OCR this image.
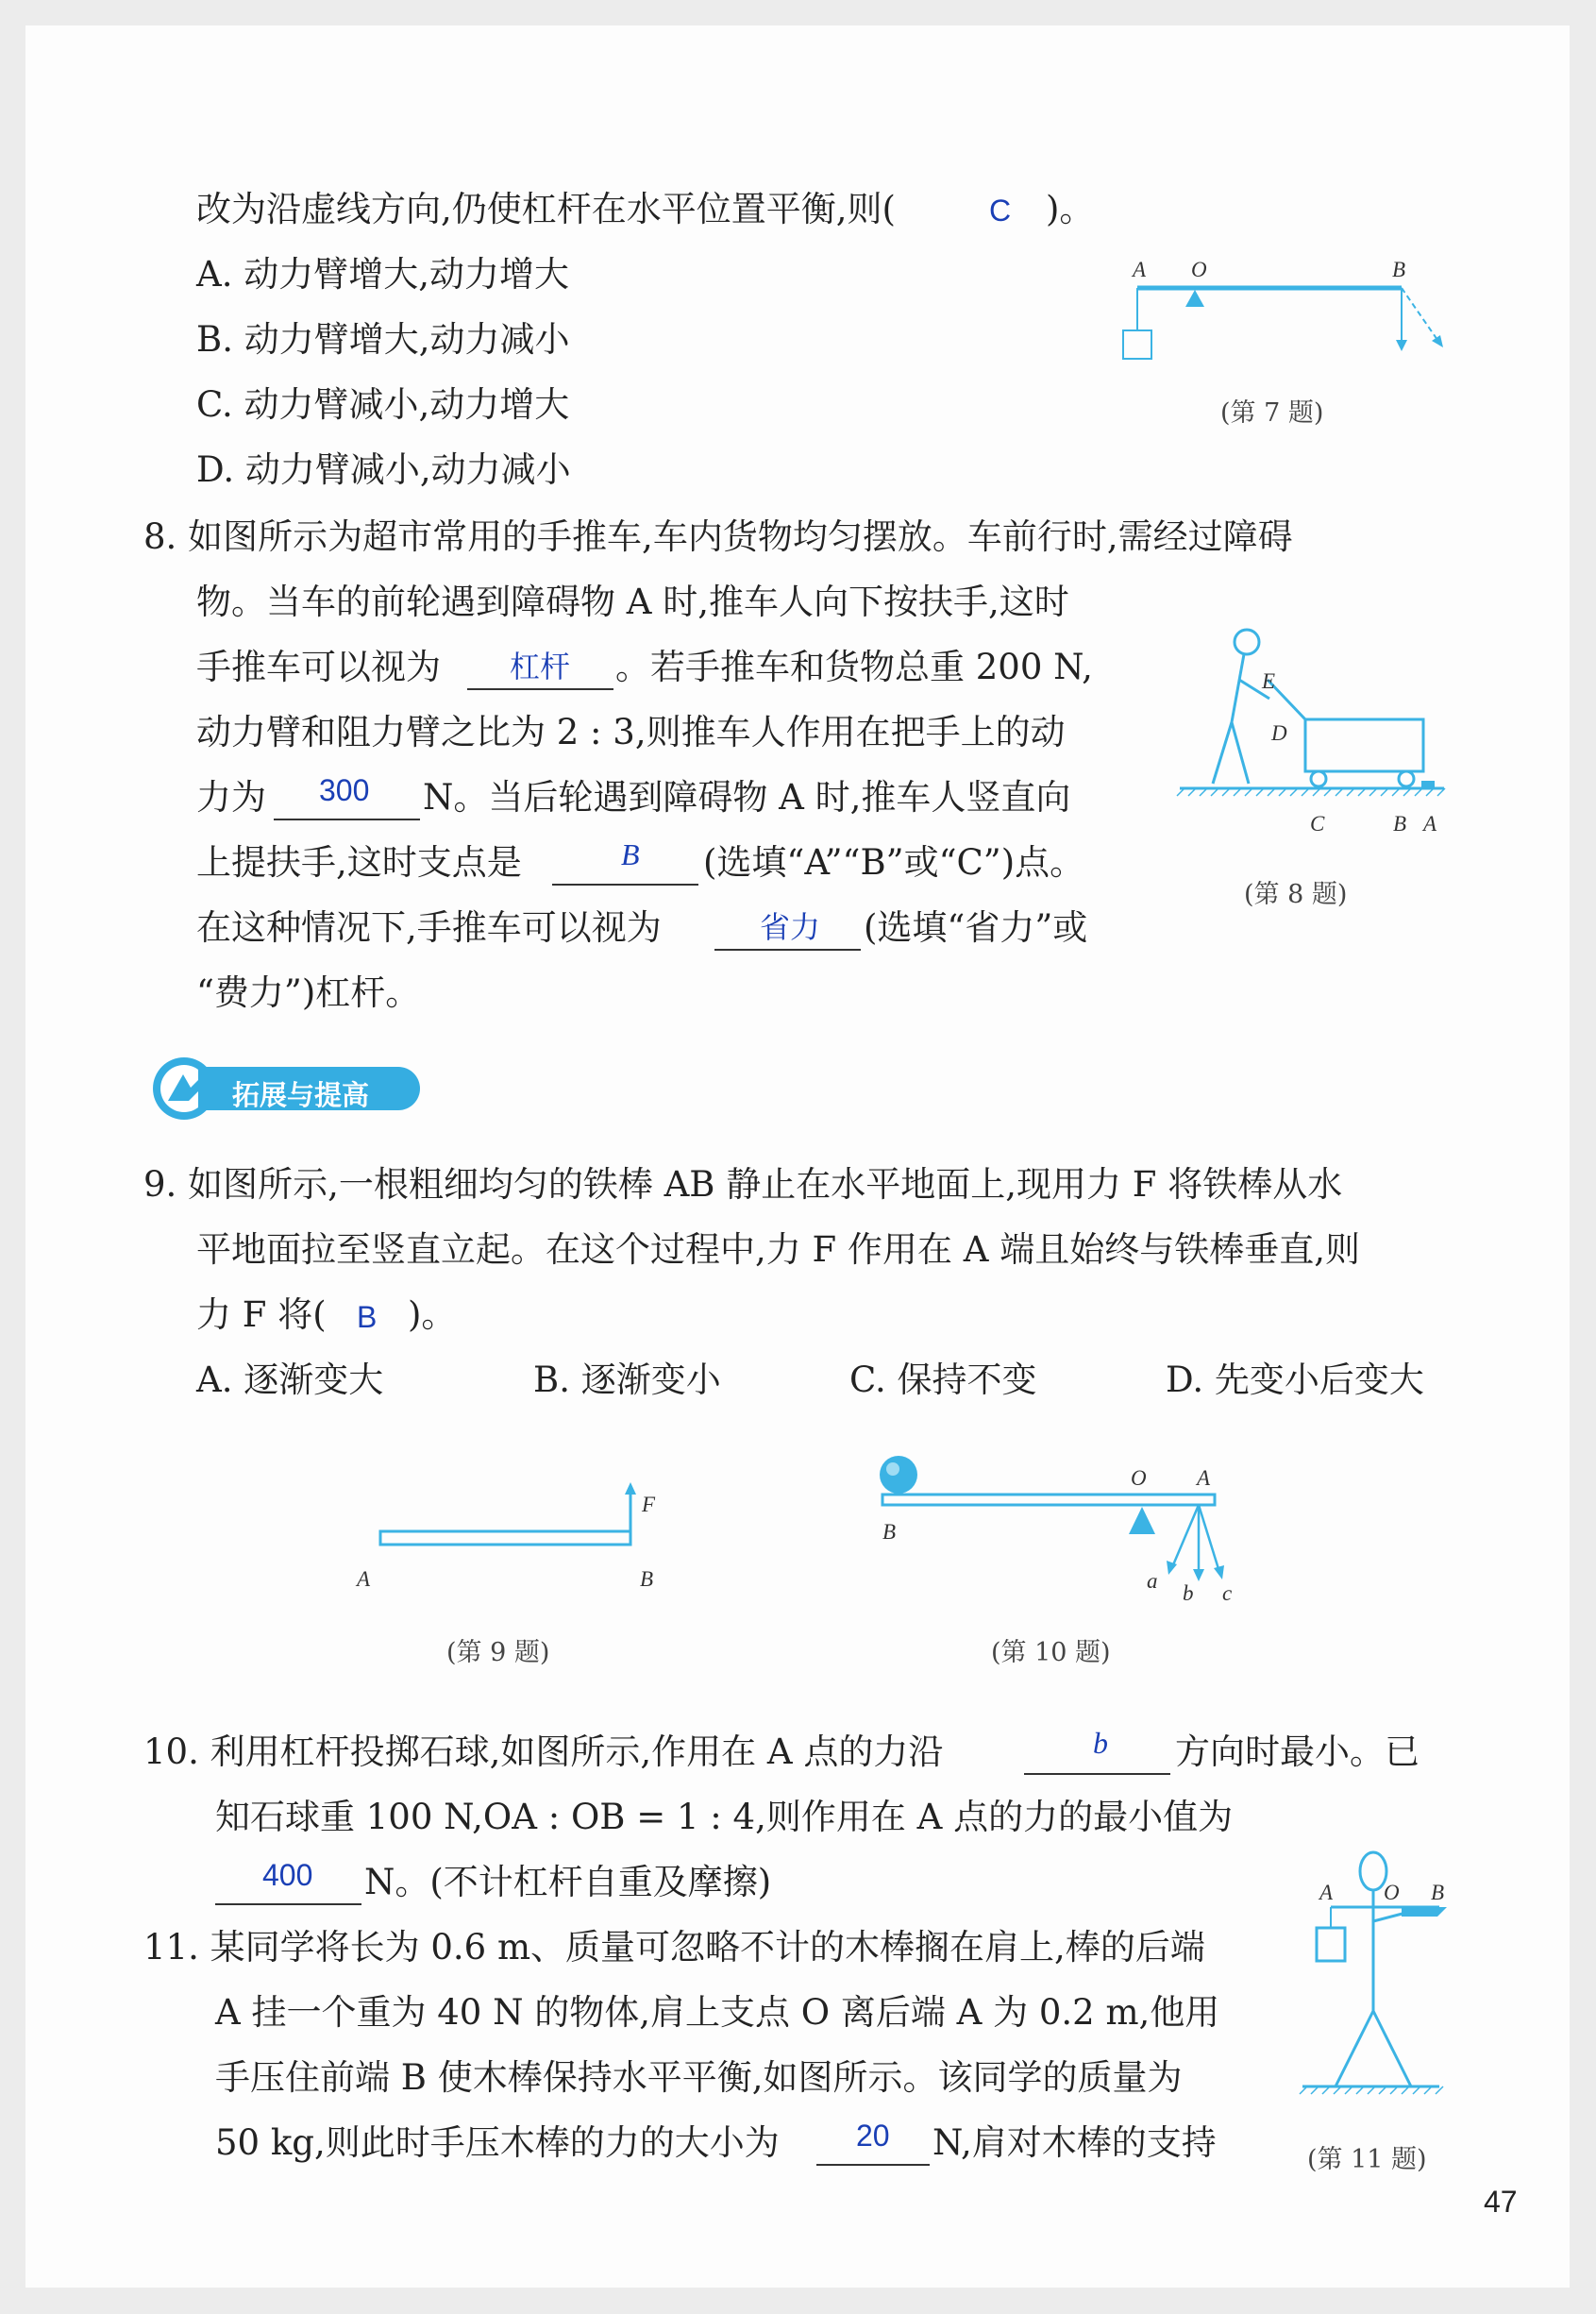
改为沿虚线方向,仍使杠杆在水平位置平衡,则(	C )。
A. 动力臂增大,动力增大
B. 动力臂增大,动力减小
C. 动力臂减小,动力增大
D. 动力臂减小,动力减小
A O	B
(第 7 题)
8. 如图所示为超市常用的手推车,车内货物均匀摆放。车前行时,需经过障碍
物。当车的前轮遇到障碍物 A 时,推车人向下按扶手,这时
手推车可以视为 杠杆 。若手推车和货物总重 200 N,
动力臂和阻力臂之比为 2 : 3,则推车人作用在把手上的动
力为 300 N。当后轮遇到障碍物 A 时,推车人竖直向
上提扶手,这时支点是	B (选填“A”“B”或“C”)点。
在这种情况下,手推车可以视为	省力 (选填“省力”或
“费力”)杠杆。
E
D
C	B A
(第 8 题)
拓展与提高
9. 如图所示,一根粗细均匀的铁棒 AB 静止在水平地面上,现用力 F 将铁棒从水
平地面拉至竖直立起。在这个过程中,力 F 作用在 A 端且始终与铁棒垂直,则
力 F 将( B )。
A. 逐渐变大	B. 逐渐变小	C. 保持不变	D. 先变小后变大
A	B
F
(第 9 题)
O A
B
a
b c
(第 10 题)
10. 利用杠杆投掷石球,如图所示,作用在 A 点的力沿	b 方向时最小。已
知石球重 100 N,OA : OB = 1 : 4,则作用在 A 点的力的最小值为
400 N。(不计杠杆自重及摩擦)
11. 某同学将长为 0.6 m、质量可忽略不计的木棒搁在肩上,棒的后端
A 挂一个重为 40 N 的物体,肩上支点 O 离后端 A 为 0.2 m,他用
手压住前端 B 使木棒保持水平平衡,如图所示。该同学的质量为
50 kg,则此时手压木棒的力的大小为	20 N,肩对木棒的支持
A O B
(第 11 题)
47
